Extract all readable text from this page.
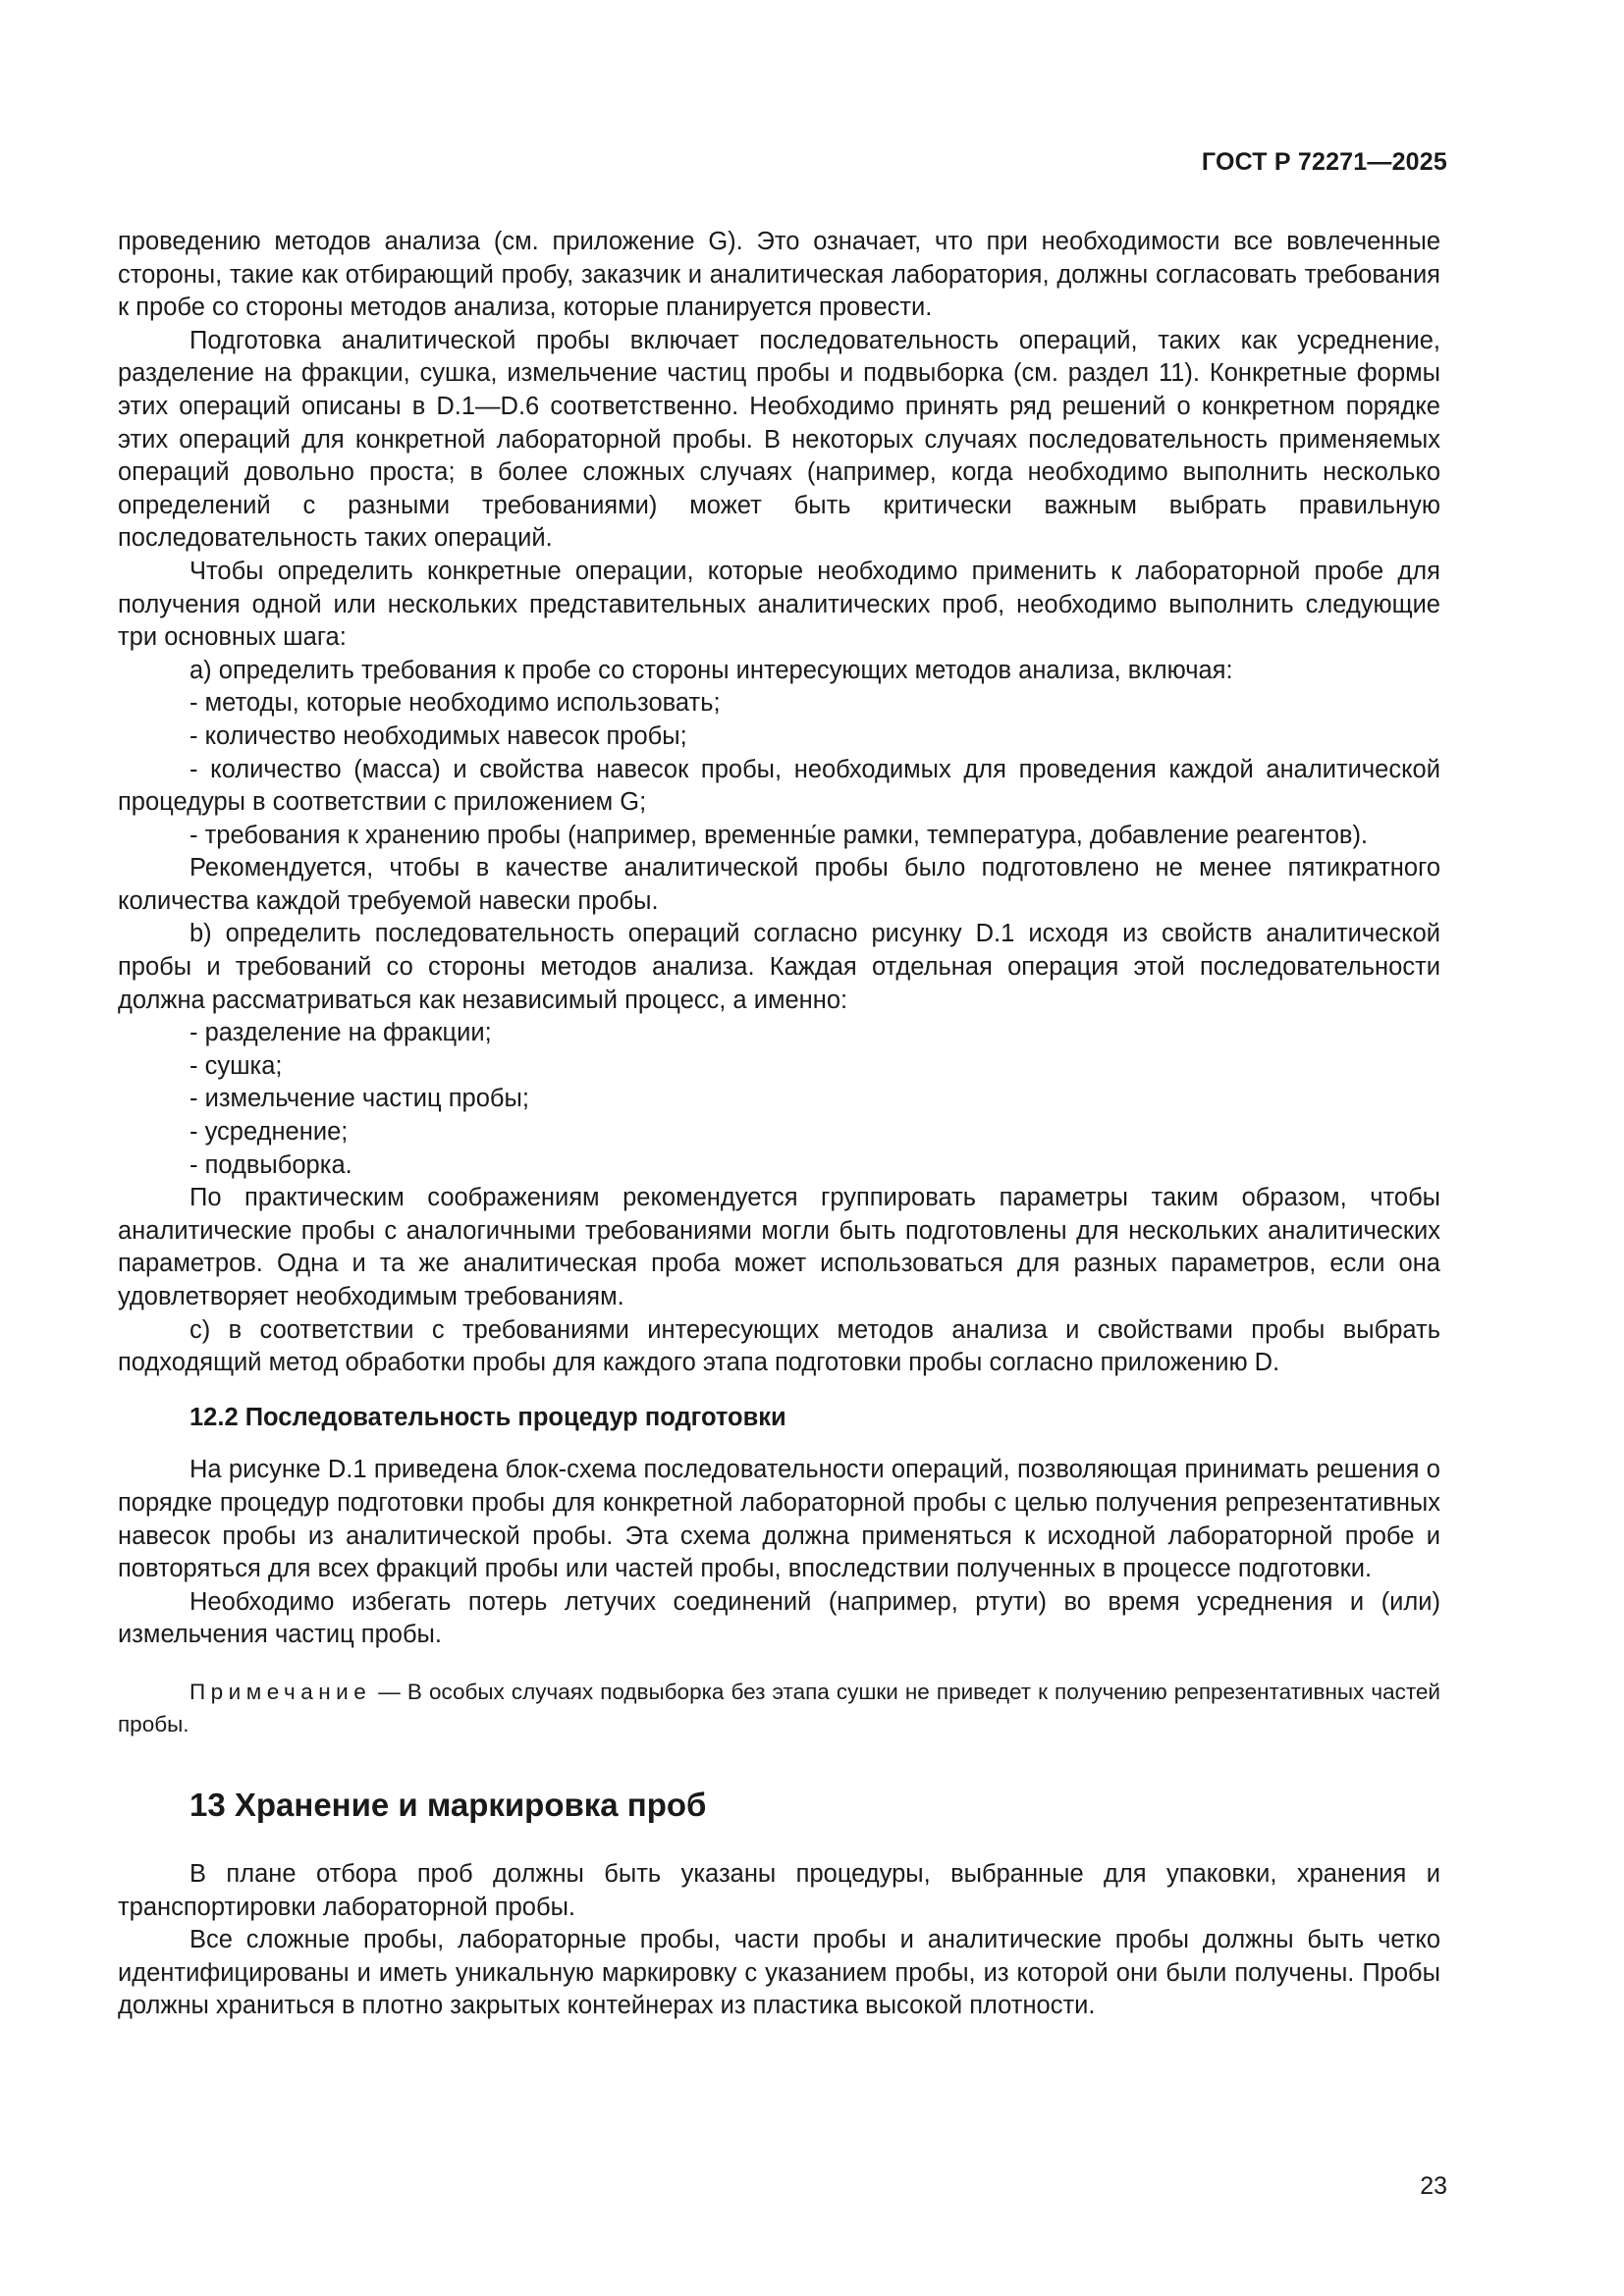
ГОСТ Р 72271—2025

проведению методов анализа (см. приложение G). Это означает, что при необходимости все вовлеченные стороны, такие как отбирающий пробу, заказчик и аналитическая лаборатория, должны согласовать требования к пробе со стороны методов анализа, которые планируется провести.

Подготовка аналитической пробы включает последовательность операций, таких как усреднение, разделение на фракции, сушка, измельчение частиц пробы и подвыборка (см. раздел 11). Конкретные формы этих операций описаны в D.1—D.6 соответственно. Необходимо принять ряд решений о конкретном порядке этих операций для конкретной лабораторной пробы. В некоторых случаях последовательность применяемых операций довольно проста; в более сложных случаях (например, когда необходимо выполнить несколько определений с разными требованиями) может быть критически важным выбрать правильную последовательность таких операций.

Чтобы определить конкретные операции, которые необходимо применить к лабораторной пробе для получения одной или нескольких представительных аналитических проб, необходимо выполнить следующие три основных шага:

a) определить требования к пробе со стороны интересующих методов анализа, включая:

- методы, которые необходимо использовать;

- количество необходимых навесок пробы;

- количество (масса) и свойства навесок пробы, необходимых для проведения каждой аналитической процедуры в соответствии с приложением G;

- требования к хранению пробы (например, временны́е рамки, температура, добавление реагентов).

Рекомендуется, чтобы в качестве аналитической пробы было подготовлено не менее пятикратного количества каждой требуемой навески пробы.

b) определить последовательность операций согласно рисунку D.1 исходя из свойств аналитической пробы и требований со стороны методов анализа. Каждая отдельная операция этой последовательности должна рассматриваться как независимый процесс, а именно:

- разделение на фракции;

- сушка;

- измельчение частиц пробы;

- усреднение;

- подвыборка.

По практическим соображениям рекомендуется группировать параметры таким образом, чтобы аналитические пробы с аналогичными требованиями могли быть подготовлены для нескольких аналитических параметров. Одна и та же аналитическая проба может использоваться для разных параметров, если она удовлетворяет необходимым требованиям.

c) в соответствии с требованиями интересующих методов анализа и свойствами пробы выбрать подходящий метод обработки пробы для каждого этапа подготовки пробы согласно приложению D.

12.2 Последовательность процедур подготовки

На рисунке D.1 приведена блок-схема последовательности операций, позволяющая принимать решения о порядке процедур подготовки пробы для конкретной лабораторной пробы с целью получения репрезентативных навесок пробы из аналитической пробы. Эта схема должна применяться к исходной лабораторной пробе и повторяться для всех фракций пробы или частей пробы, впоследствии полученных в процессе подготовки.

Необходимо избегать потерь летучих соединений (например, ртути) во время усреднения и (или) измельчения частиц пробы.

Примечание — В особых случаях подвыборка без этапа сушки не приведет к получению репрезентативных частей пробы.

13 Хранение и маркировка проб

В плане отбора проб должны быть указаны процедуры, выбранные для упаковки, хранения и транспортировки лабораторной пробы.

Все сложные пробы, лабораторные пробы, части пробы и аналитические пробы должны быть четко идентифицированы и иметь уникальную маркировку с указанием пробы, из которой они были получены. Пробы должны храниться в плотно закрытых контейнерах из пластика высокой плотности.

23
